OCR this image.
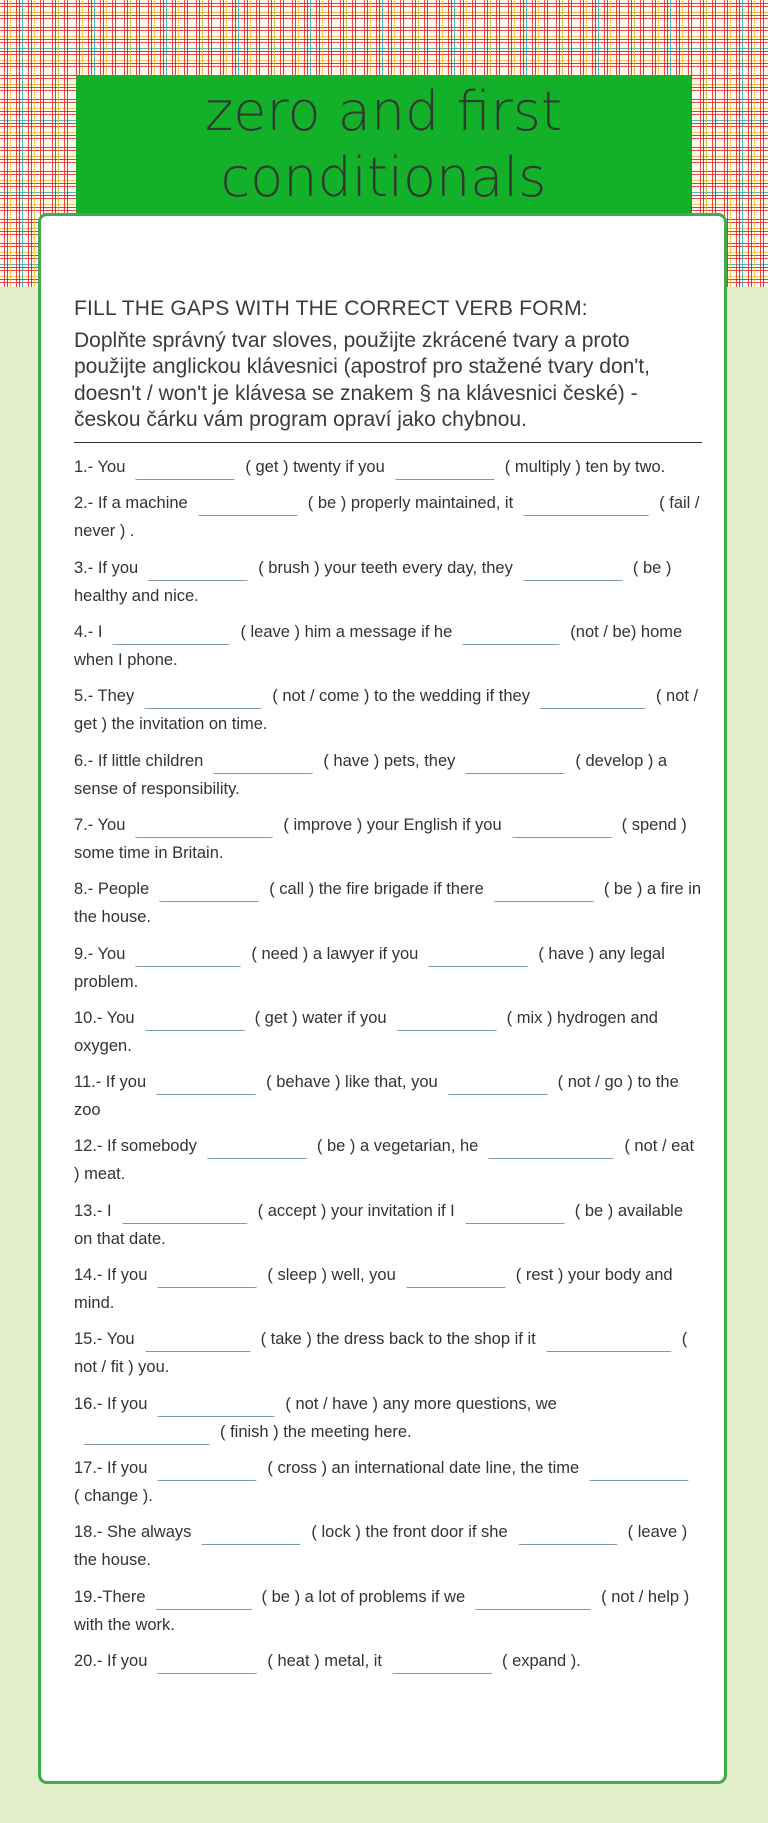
zero and first conditionals

FILL THE GAPS WITH THE CORRECT VERB FORM:

Doplňte správný tvar sloves, použijte zkrácené tvary a proto použijte anglickou klávesnici (apostrof pro stažené tvary don't, doesn't / won't je klávesa se znakem § na klávesnici české) - českou čárku vám program opraví jako chybnou.

1.- You	( get ) twenty if you	( multiply ) ten by two.

2.- If a machine	( be ) properly maintained, it	( fail / never ) .

3.- If you	( brush ) your teeth every day, they	( be ) healthy and nice.

4.- I	( leave ) him a message if he	(not / be) home when I phone.

5.- They	( not / come ) to the wedding if they	( not / get ) the invitation on time.

6.- If little children	( have ) pets, they	( develop ) a sense of responsibility.

7.- You	( improve ) your English if you	( spend ) some time in Britain.

8.- People	( call ) the fire brigade if there	( be ) a fire in the house.

9.- You	( need ) a lawyer if you	( have ) any legal problem.

10.- You	( get ) water if you	( mix ) hydrogen and oxygen.

11.- If you	( behave ) like that, you	( not / go ) to the zoo

12.- If somebody	( be ) a vegetarian, he	( not / eat ) meat.

13.- I	( accept ) your invitation if I	( be ) available on that date.

14.- If you	( sleep ) well, you	( rest ) your body and mind.

15.- You	( take ) the dress back to the shop if it	( not / fit ) you.

16.- If you	( not / have ) any more questions, we( finish ) the meeting here.

17.- If you	( cross ) an international date line, the time( change ).

18.- She always	( lock ) the front door if she	( leave ) the house.

19.-There	( be ) a lot of problems if we	( not / help ) with the work.

20.- If you	( heat ) metal, it	( expand ).
